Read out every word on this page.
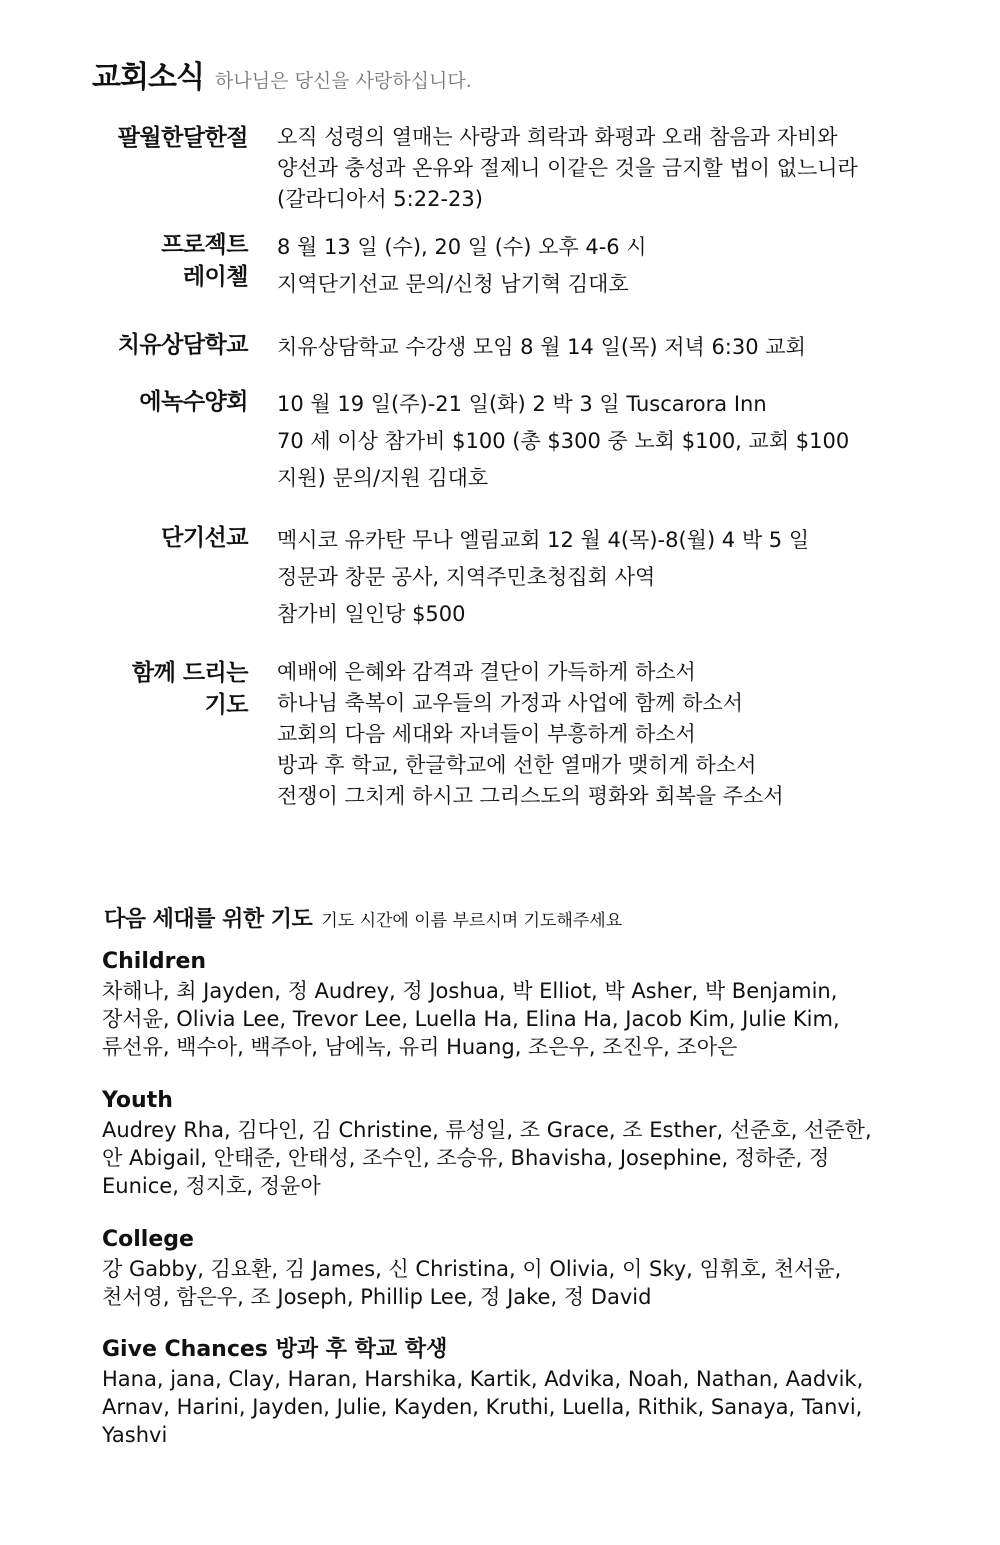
교회소식 하나님은 당신을 사랑하십니다.
팔월한달한절 오직 성령의 열매는 사랑과 희락과 화평과 오래 참음과 자비와
양선과 충성과 온유와 절제니 이같은 것을 금지할 법이 없느니라
(갈라디아서 5:22-23)
프로젝트
레이첼
8 월 13 일 (수), 20 일 (수) 오후 4-6 시
지역단기선교 문의/신청 남기혁 김대호
치유상담학교 치유상담학교 수강생 모임 8 월 14 일(목) 저녁 6:30 교회
에녹수양회 10 월 19 일(주)-21 일(화) 2 박 3 일 Tuscarora Inn
70 세 이상 참가비 $100 (총 $300 중 노회 $100, 교회 $100
지원) 문의/지원 김대호
단기선교 멕시코 유카탄 무나 엘림교회 12 월 4(목)-8(월) 4 박 5 일
정문과 창문 공사, 지역주민초청집회 사역
참가비 일인당 $500
함께 드리는
기도
예배에 은혜와 감격과 결단이 가득하게 하소서
하나님 축복이 교우들의 가정과 사업에 함께 하소서
교회의 다음 세대와 자녀들이 부흥하게 하소서
방과 후 학교, 한글학교에 선한 열매가 맺히게 하소서
전쟁이 그치게 하시고 그리스도의 평화와 회복을 주소서
다음 세대를 위한 기도 기도 시간에 이름 부르시며 기도해주세요
Children
차해나, 최 Jayden, 정 Audrey, 정 Joshua, 박 Elliot, 박 Asher, 박 Benjamin,
장서윤, Olivia Lee, Trevor Lee, Luella Ha, Elina Ha, Jacob Kim, Julie Kim,
류선유, 백수아, 백주아, 남에녹, 유리 Huang, 조은우, 조진우, 조아은
Youth
Audrey Rha, 김다인, 김 Christine, 류성일, 조 Grace, 조 Esther, 선준호, 선준한,
안 Abigail, 안태준, 안태성, 조수인, 조승유, Bhavisha, Josephine, 정하준, 정
Eunice, 정지호, 정윤아
College
강 Gabby, 김요환, 김 James, 신 Christina, 이 Olivia, 이 Sky, 임휘호, 천서윤,
천서영, 함은우, 조 Joseph, Phillip Lee, 정 Jake, 정 David
Give Chances 방과 후 학교 학생
Hana, jana, Clay, Haran, Harshika, Kartik, Advika, Noah, Nathan, Aadvik,
Arnav, Harini, Jayden, Julie, Kayden, Kruthi, Luella, Rithik, Sanaya, Tanvi,
Yashvi
